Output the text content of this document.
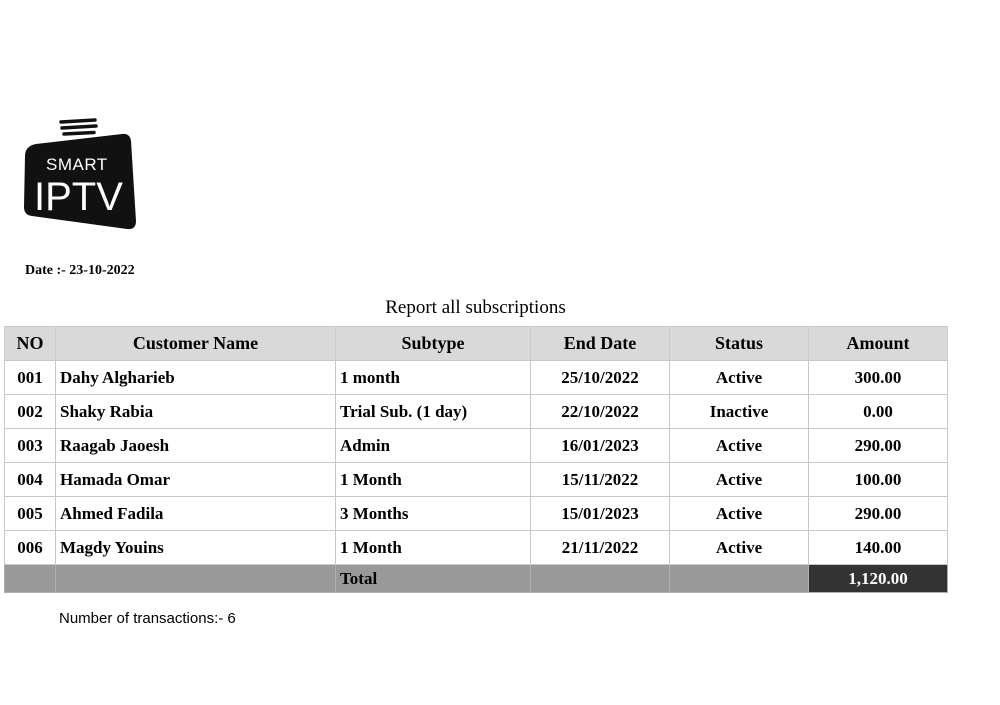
SMART
IPTV
Date :- 23-10-2022
Report all subscriptions
NO	Customer Name	Subtype	End Date	Status	Amount
001	Dahy Algharieb	1 month	25/10/2022	Active	300.00
002	Shaky Rabia	Trial Sub. (1 day)	22/10/2022	Inactive	0.00
003	Raagab Jaoesh	Admin	16/01/2023	Active	290.00
004	Hamada Omar	1 Month	15/11/2022	Active	100.00
005	Ahmed Fadila	3 Months	15/01/2023	Active	290.00
006	Magdy Youins	1 Month	21/11/2022	Active	140.00
		Total			1,120.00
Number of transactions:- 6
